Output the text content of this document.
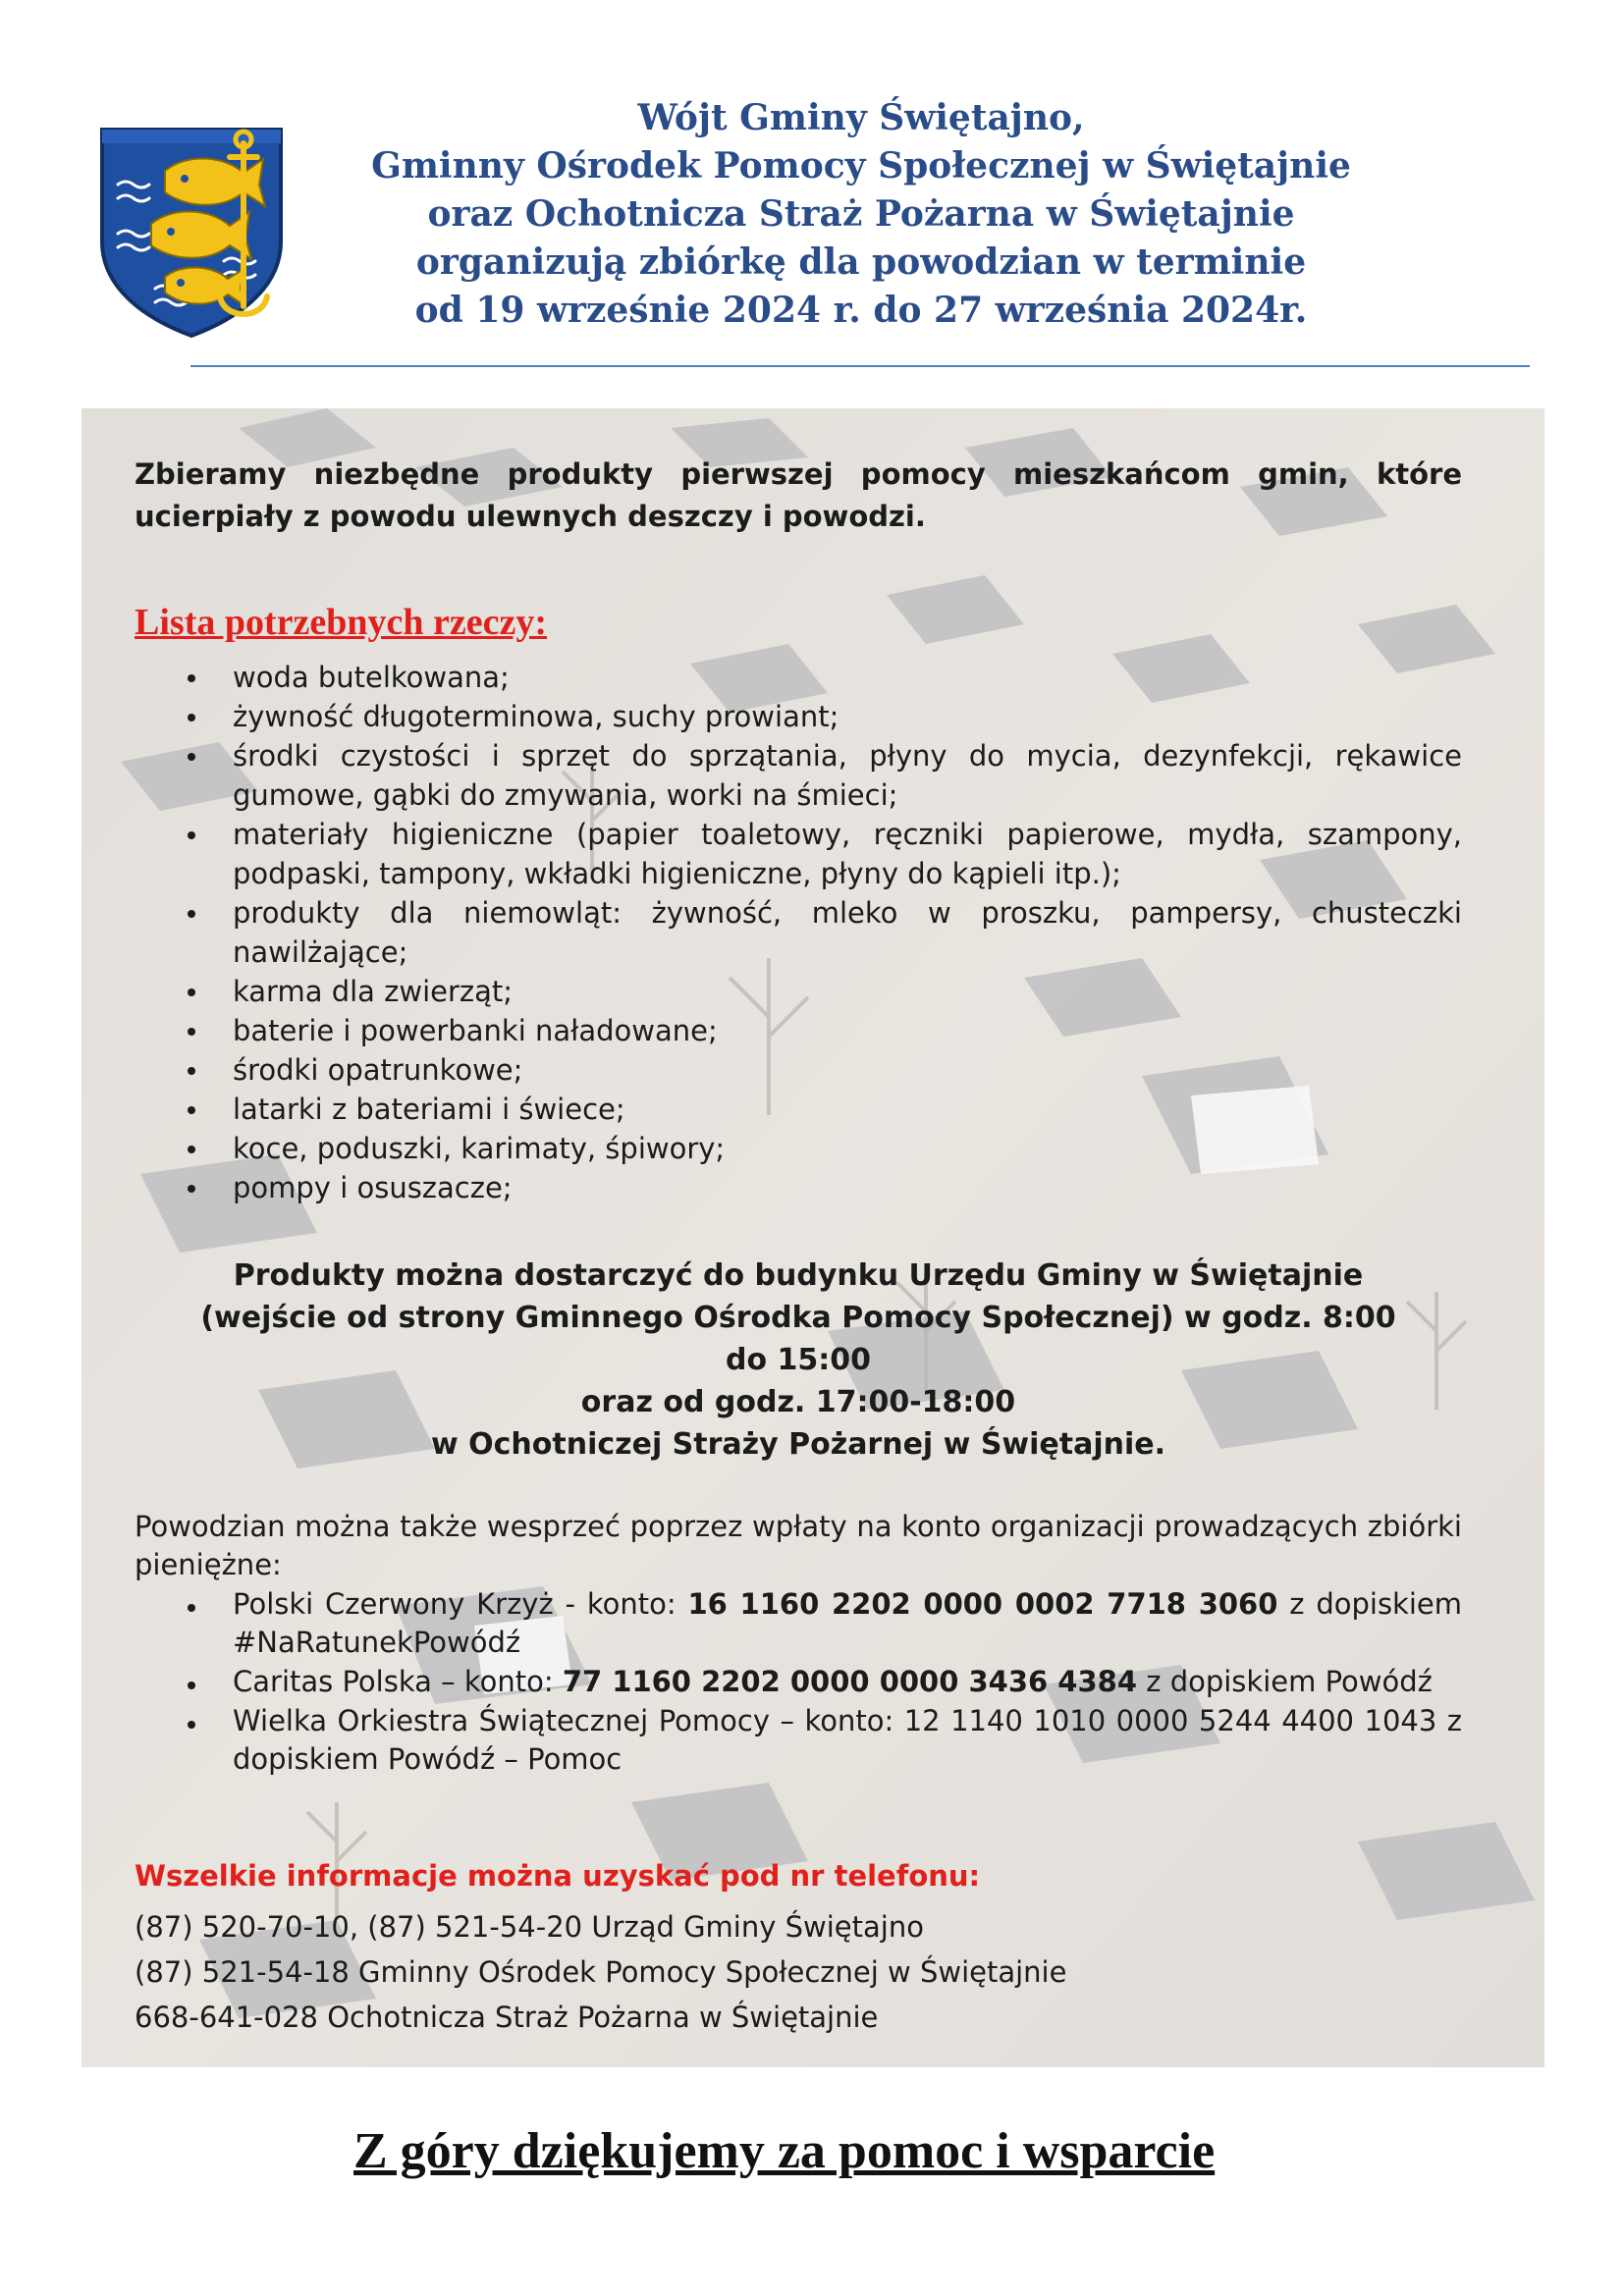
Wójt Gminy Świętajno,
Gminny Ośrodek Pomocy Społecznej w Świętajnie
oraz Ochotnicza Straż Pożarna w Świętajnie
organizują zbiórkę dla powodzian w terminie
od 19 wrześnie 2024 r. do 27 września 2024r.
Zbieramy niezbędne produkty pierwszej pomocy mieszkańcom gmin, które ucierpiały z powodu ulewnych deszczy i powodzi.
Lista potrzebnych rzeczy:
woda butelkowana;
żywność długoterminowa, suchy prowiant;
środki czystości i sprzęt do sprzątania, płyny do mycia, dezynfekcji, rękawice gumowe, gąbki do zmywania, worki na śmieci;
materiały higieniczne (papier toaletowy, ręczniki papierowe, mydła, szampony, podpaski, tampony, wkładki higieniczne, płyny do kąpieli itp.);
produkty dla niemowląt: żywność, mleko w proszku, pampersy, chusteczki nawilżające;
karma dla zwierząt;
baterie i powerbanki naładowane;
środki opatrunkowe;
latarki z bateriami i świece;
koce, poduszki, karimaty, śpiwory;
pompy i osuszacze;
Produkty można dostarczyć do budynku Urzędu Gminy w Świętajnie
(wejście od strony Gminnego Ośrodka Pomocy Społecznej) w godz. 8:00
do 15:00
oraz od godz. 17:00-18:00
w Ochotniczej Straży Pożarnej w Świętajnie.
Powodzian można także wesprzeć poprzez wpłaty na konto organizacji prowadzących zbiórki pieniężne:
Polski Czerwony Krzyż - konto: 16 1160 2202 0000 0002 7718 3060 z dopiskiem #NaRatunekPowódź
Caritas Polska – konto: 77 1160 2202 0000 0000 3436 4384 z dopiskiem Powódź
Wielka Orkiestra Świątecznej Pomocy – konto: 12 1140 1010 0000 5244 4400 1043 z dopiskiem Powódź – Pomoc
Wszelkie informacje można uzyskać pod nr telefonu:
(87) 520-70-10, (87) 521-54-20 Urząd Gminy Świętajno
(87) 521-54-18 Gminny Ośrodek Pomocy Społecznej w Świętajnie
668-641-028 Ochotnicza Straż Pożarna w Świętajnie
Z góry dziękujemy za pomoc i wsparcie
